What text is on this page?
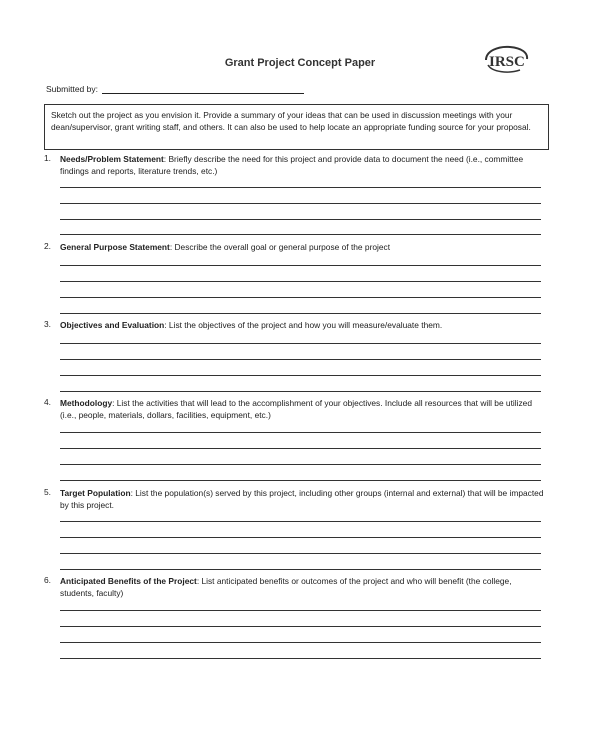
Grant Project Concept Paper	IRSC
Submitted by:
Sketch out the project as you envision it. Provide a summary of your ideas that can be used in discussion meetings with your dean/supervisor, grant writing staff, and others. It can also be used to help locate an appropriate funding source for your proposal.
1. Needs/Problem Statement: Briefly describe the need for this project and provide data to document the need (i.e., committee findings and reports, literature trends, etc.)
2. General Purpose Statement: Describe the overall goal or general purpose of the project
3. Objectives and Evaluation: List the objectives of the project and how you will measure/evaluate them.
4. Methodology: List the activities that will lead to the accomplishment of your objectives. Include all resources that will be utilized (i.e., people, materials, dollars, facilities, equipment, etc.)
5. Target Population: List the population(s) served by this project, including other groups (internal and external) that will be impacted by this project.
6. Anticipated Benefits of the Project: List anticipated benefits or outcomes of the project and who will benefit (the college, students, faculty)
